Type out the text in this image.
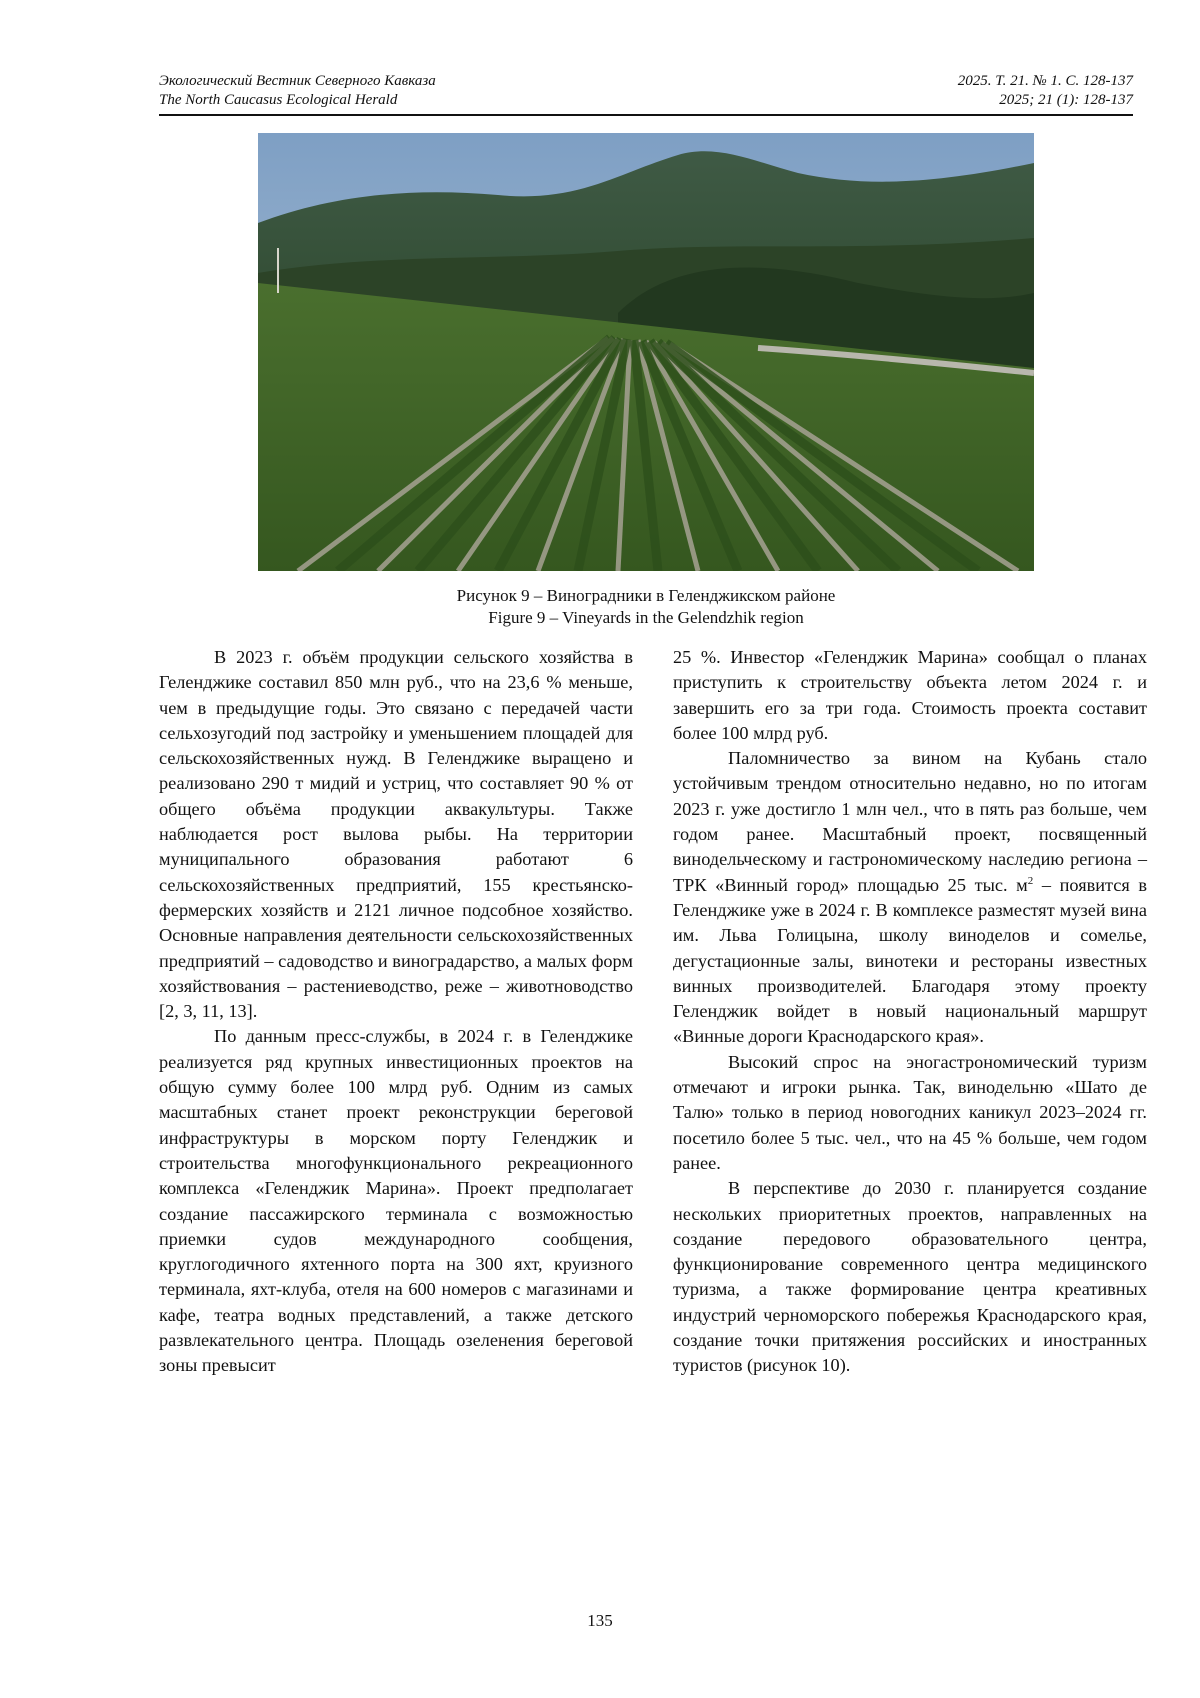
Экологический Вестник Северного Кавказа	2025. Т. 21. № 1. С. 128-137
The North Caucasus Ecological Herald	2025; 21 (1): 128-137
Рисунок 9 – Виноградники в Геленджикском районе
Figure 9 – Vineyards in the Gelendzhik region

В 2023 г. объём продукции сельского хозяйства в Геленджике составил 850 млн руб., что на 23,6 % меньше, чем в предыдущие годы. Это связано с передачей части сельхозугодий под застройку и уменьшением площадей для сельскохозяйственных нужд. В Геленджике выращено и реализовано 290 т мидий и устриц, что составляет 90 % от общего объёма продукции аквакультуры. Также наблюдается рост вылова рыбы. На территории муниципального образования работают 6 сельскохозяйственных предприятий, 155 крестьянско-фермерских хозяйств и 2121 личное подсобное хозяйство. Основные направления деятельности сельскохозяйственных предприятий – садоводство и виноградарство, а малых форм хозяйствования – растениеводство, реже – животноводство [2, 3, 11, 13].

По данным пресс-службы, в 2024 г. в Геленджике реализуется ряд крупных инвестиционных проектов на общую сумму более 100 млрд руб. Одним из самых масштабных станет проект реконструкции береговой инфраструктуры в морском порту Геленджик и строительства многофункционального рекреационного комплекса «Геленджик Марина». Проект предполагает создание пассажирского терминала с возможностью приемки судов международного сообщения, круглогодичного яхтенного порта на 300 яхт, круизного терминала, яхт-клуба, отеля на 600 номеров с магазинами и кафе, театра водных представлений, а также детского развлекательного центра. Площадь озеленения береговой зоны превысит

25 %. Инвестор «Геленджик Марина» сообщал о планах приступить к строительству объекта летом 2024 г. и завершить его за три года. Стоимость проекта составит более 100 млрд руб.

Паломничество за вином на Кубань стало устойчивым трендом относительно недавно, но по итогам 2023 г. уже достигло 1 млн чел., что в пять раз больше, чем годом ранее. Масштабный проект, посвященный винодельческому и гастрономическому наследию региона – ТРК «Винный город» площадью 25 тыс. $м^2$ – появится в Геленджике уже в 2024 г. В комплексе разместят музей вина им. Льва Голицына, школу виноделов и сомелье, дегустационные залы, винотеки и рестораны известных винных производителей. Благодаря этому проекту Геленджик войдет в новый национальный маршрут «Винные дороги Краснодарского края».

Высокий спрос на эногастрономический туризм отмечают и игроки рынка. Так, винодельню «Шато де Талю» только в период новогодних каникул 2023–2024 гг. посетило более 5 тыс. чел., что на 45 % больше, чем годом ранее.

В перспективе до 2030 г. планируется создание нескольких приоритетных проектов, направленных на создание передового образовательного центра, функционирование современного центра медицинского туризма, а также формирование центра креативных индустрий черноморского побережья Краснодарского края, создание точки притяжения российских и иностранных туристов (рисунок 10).

135
